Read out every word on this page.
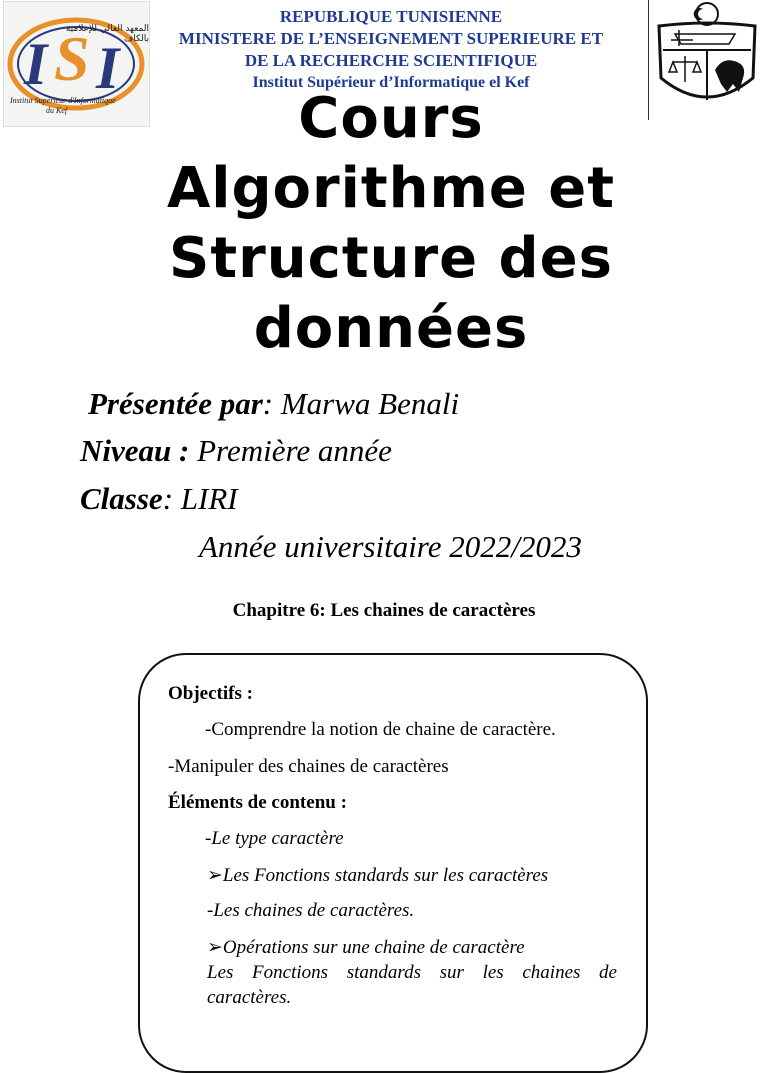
I S I
المعهد العالي للإعلامية بالكاف
Institut Supérieur d'Informatique
du Kef
REPUBLIQUE TUNISIENNE
MINISTERE DE L’ENSEIGNEMENT SUPERIEURE ET
DE LA RECHERCHE SCIENTIFIQUE
Institut Supérieur d’Informatique el Kef
Cours
Algorithme et
Structure des
données
Présentée par: Marwa Benali
Niveau : Première année
Classe: LIRI
Année universitaire 2022/2023
Chapitre 6: Les chaines de caractères
Objectifs :
-Comprendre la notion de chaine de caractère.
-Manipuler des chaines de caractères
Éléments de contenu :
-Le type caractère
➢Les Fonctions standards sur les caractères
-Les chaines de caractères.
➢Opérations sur une chaine de caractère
Les Fonctions standards sur les chaines de
caractères.
